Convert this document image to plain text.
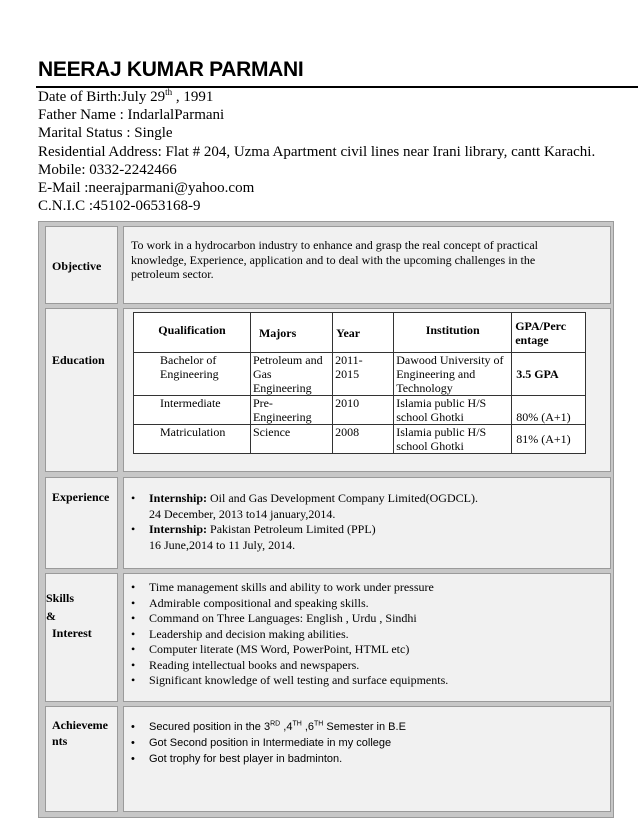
NEERAJ KUMAR PARMANI
Date of Birth:July 29th , 1991
Father Name : IndarlalParmani
Marital Status : Single
Residential Address: Flat # 204, Uzma Apartment civil lines near Irani library, cantt Karachi.
Mobile: 0332-2242466
E-Mail :neerajparmani@yahoo.com
C.N.I.C :45102-0653168-9
Objective
To work in a hydrocarbon industry to enhance and grasp the real concept of practical knowledge, Experience, application and to deal with the upcoming challenges in the petroleum sector.
Education
Qualification	Majors	Year	Institution	GPA/Perc entage
Bachelor of Engineering	Petroleum and Gas Engineering	2011-2015	Dawood University of Engineering and Technology	3.5 GPA
Intermediate	Pre-Engineering	2010	Islamia public H/S school Ghotki	80% (A+1)
Matriculation	Science	2008	Islamia public H/S school Ghotki	81% (A+1)
Experience	• Internship: Oil and Gas Development Company Limited(OGDCL).
24 December, 2013 to14 january,2014.
• Internship: Pakistan Petroleum Limited (PPL)
16 June,2014 to 11 July, 2014.
Skills
&
Interest
• Time management skills and ability to work under pressure
• Admirable compositional and speaking skills.
• Command on Three Languages: English , Urdu , Sindhi
• Leadership and decision making abilities.
• Computer literate (MS Word, PowerPoint, HTML etc)
• Reading intellectual books and newspapers.
• Significant knowledge of well testing and surface equipments.
Achieveme
nts
• Secured position in the 3RD ,4TH ,6TH Semester in B.E
• Got Second position in Intermediate in my college
• Got trophy for best player in badminton.
